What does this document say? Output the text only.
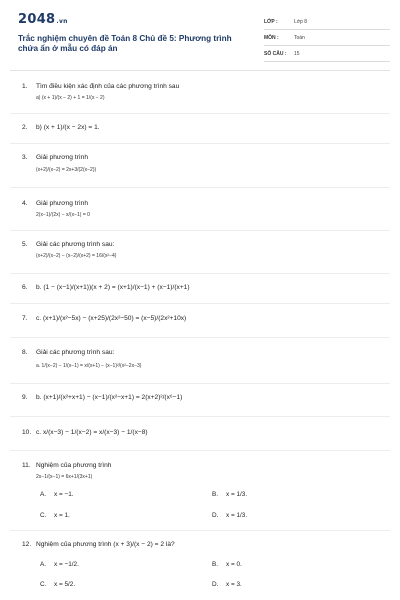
2048.vn
Trắc nghiệm chuyên đề Toán 8 Chủ đề 5: Phương trình chứa ẩn ở mẫu có đáp án
LỚP :	Lớp 8
MÔN :	Toán
SỐ CÂU : 15
1.	Tìm điều kiện xác định của các phương trình sau
a) (x + 1)/(x − 2) + 1 = 1/(x − 2)
2.	b) (x + 1)/(x − 2x) = 1.
3.	Giải phương trình
(x+2)/(x−2) = 2x+3/(2(x−2))
4.	Giải phương trình
2(x−1)/(2x) − x/(x−1) = 0
5.	Giải các phương trình sau:
(x+2)/(x−2) − (x−2)/(x+2) = 16/(x²−4)
6.	b. (1 − (x−1)/(x+1))(x + 2) = (x+1)/(x−1) + (x−1)/(x+1)
7.	c. (x+1)/(x²−5x) − (x+25)/(2x²−50) = (x−5)/(2x²+10x)
8.	Giải các phương trình sau:
a. 1/(x−2) − 1/(x−1) = x/(x+1) − (x−1)²/(x²−2x−3)
9.	b. (x+1)/(x²+x+1) − (x−1)/(x²−x+1) = 2(x+2)²/(x⁶−1)
10. c. x/(x−3) − 1/(x−2) = x/(x−3) − 1/(x−8)
11. Nghiệm của phương trình
2x−1/(x−1) = 6x+1/(3x+1)
A. x = −1.	B. x = 1/3.
C. x = 1.	D. x = 1/3.
12. Nghiệm của phương trình (x + 3)/(x − 2) = 2 là?
A. x = −1/2.	B. x = 0.
C. x = 5/2.	D. x = 3.
